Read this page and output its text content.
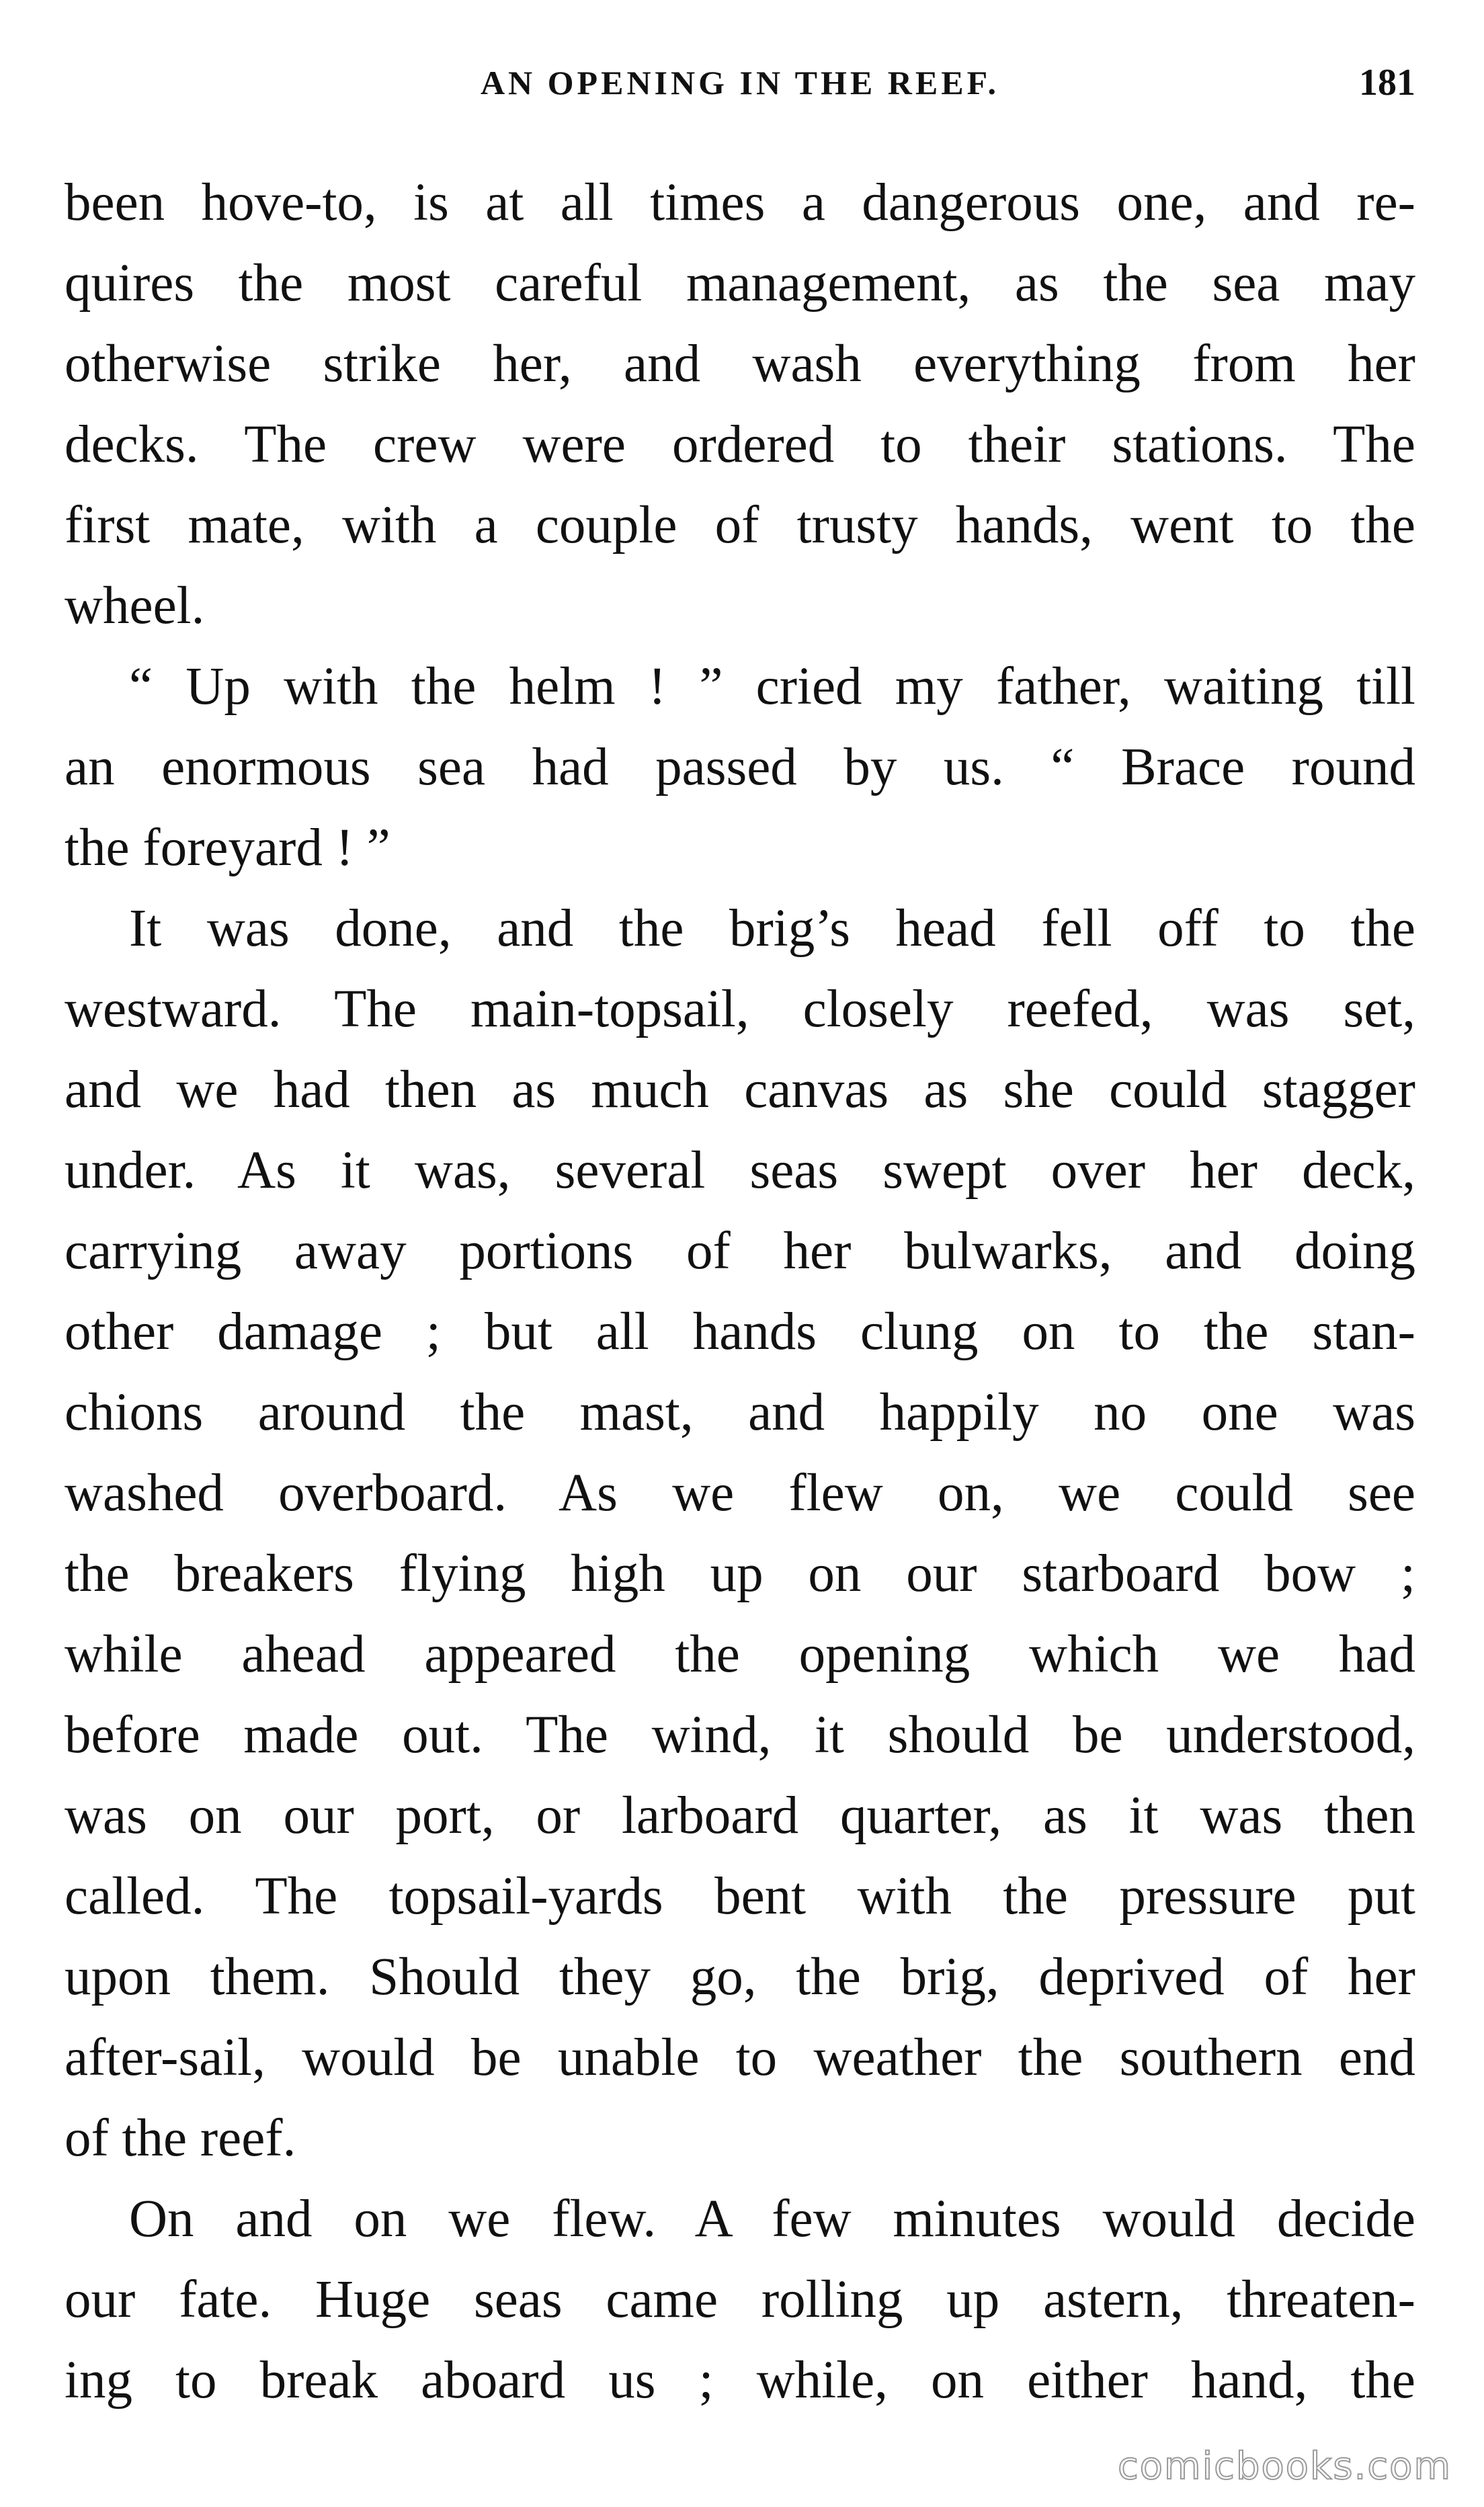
AN OPENING IN THE REEF.	181
been hove-to, is at all times a dangerous one, and re-
quires the most careful management, as the sea may
otherwise strike her, and wash everything from her
decks. The crew were ordered to their stations. The
first mate, with a couple of trusty hands, went to the
wheel.
“ Up with the helm ! ” cried my father, waiting till
an enormous sea had passed by us. “ Brace round
the foreyard ! ”
It was done, and the brig’s head fell off to the
westward. The main-topsail, closely reefed, was set,
and we had then as much canvas as she could stagger
under. As it was, several seas swept over her deck,
carrying away portions of her bulwarks, and doing
other damage ; but all hands clung on to the stan-
chions around the mast, and happily no one was
washed overboard. As we flew on, we could see
the breakers flying high up on our starboard bow ;
while ahead appeared the opening which we had
before made out. The wind, it should be understood,
was on our port, or larboard quarter, as it was then
called. The topsail-yards bent with the pressure put
upon them. Should they go, the brig, deprived of her
after-sail, would be unable to weather the southern end
of the reef.
On and on we flew. A few minutes would decide
our fate. Huge seas came rolling up astern, threaten-
ing to break aboard us ; while, on either hand, the
comicbooks.com
